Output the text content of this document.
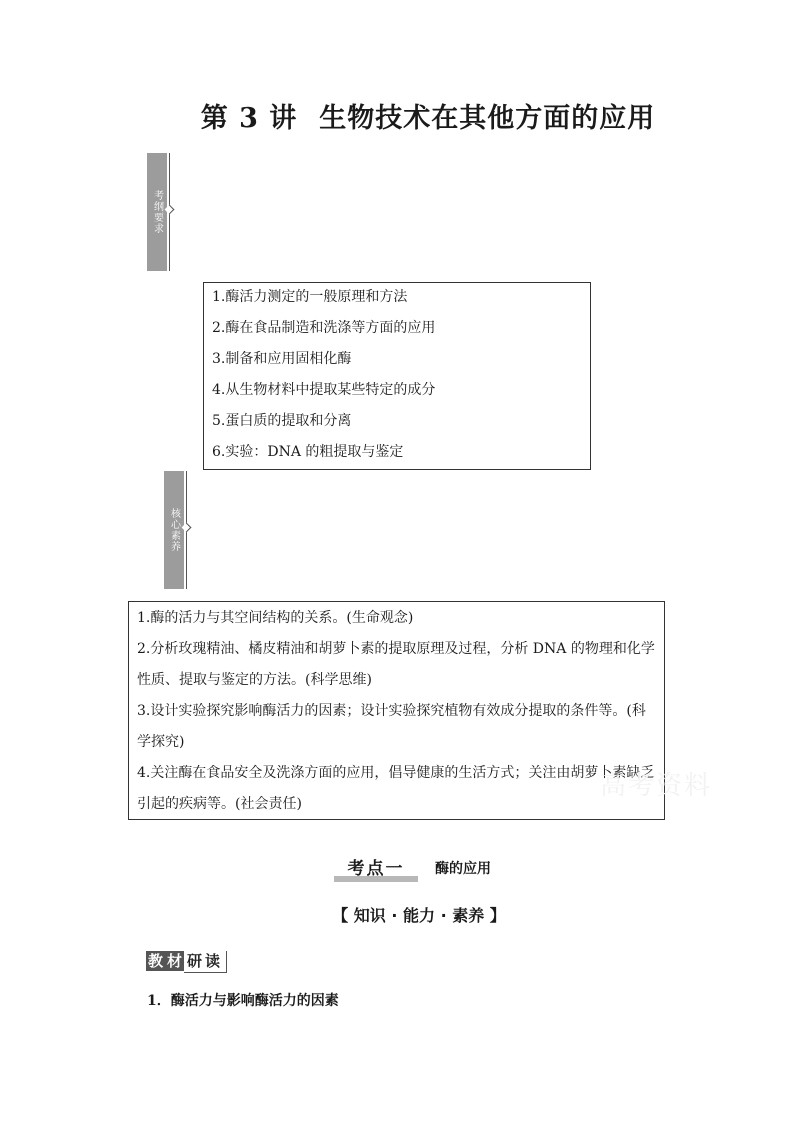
第 3 讲 生物技术在其他方面的应用
考纲要求
1.酶活力测定的一般原理和方法
2.酶在食品制造和洗涤等方面的应用
3.制备和应用固相化酶
4.从生物材料中提取某些特定的成分
5.蛋白质的提取和分离
6.实验：DNA 的粗提取与鉴定
核心素养
1.酶的活力与其空间结构的关系。(生命观念)
2.分析玫瑰精油、橘皮精油和胡萝卜素的提取原理及过程，分析 DNA 的物理和化学性质、提取与鉴定的方法。(科学思维)
3.设计实验探究影响酶活力的因素；设计实验探究植物有效成分提取的条件等。(科学探究)
4.关注酶在食品安全及洗涤方面的应用，倡导健康的生活方式；关注由胡萝卜素缺乏引起的疾病等。(社会责任)
高考资料
考点一	酶的应用
【 知识 · 能力 · 素养 】
教 材 研 读
1．酶活力与影响酶活力的因素
